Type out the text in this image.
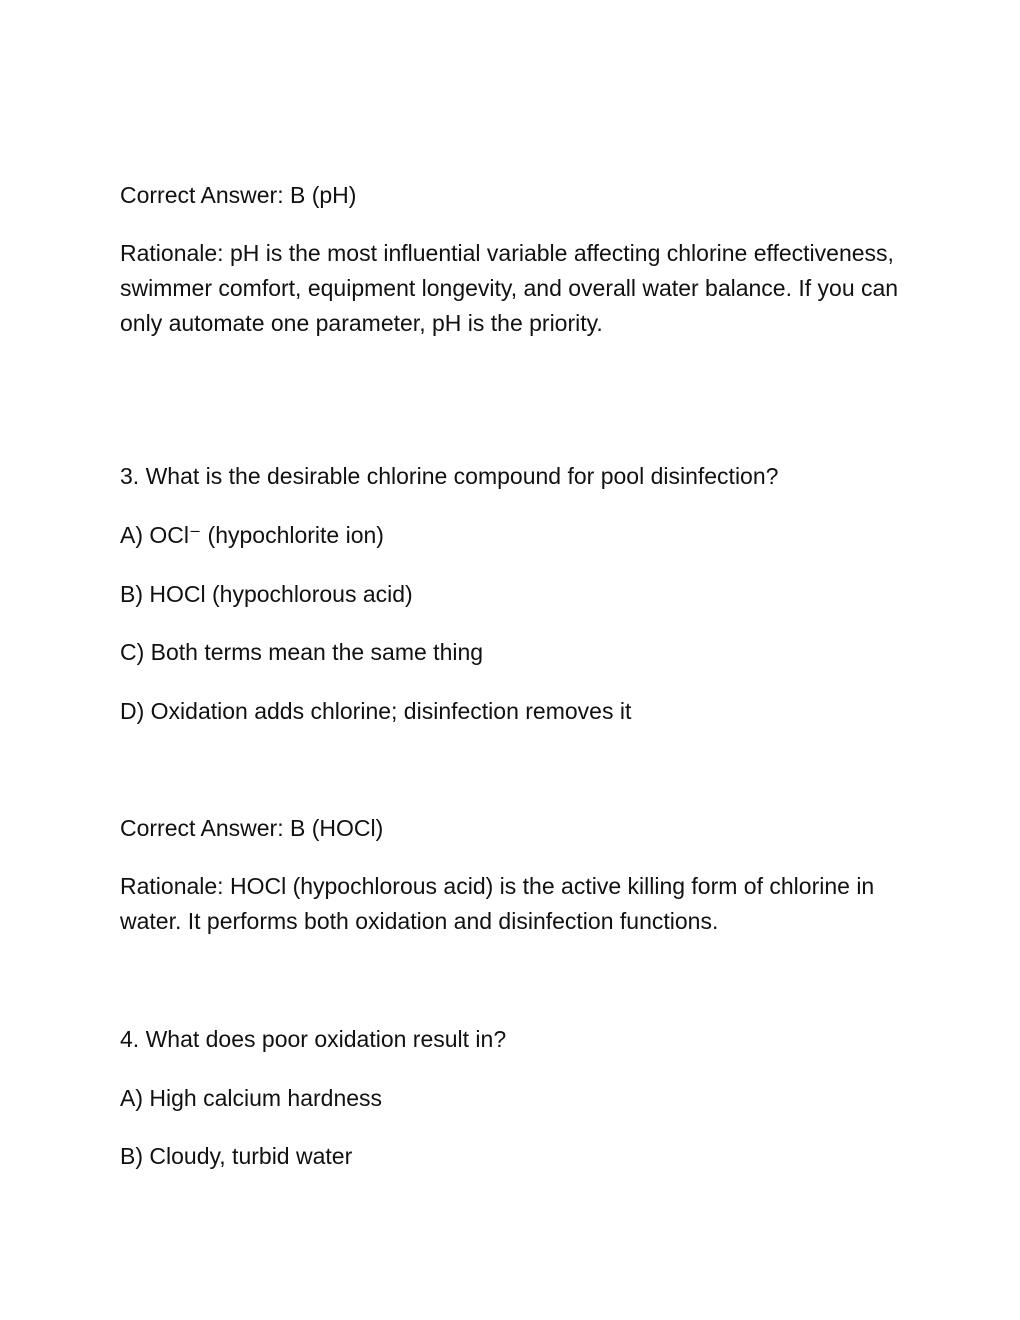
Correct Answer: B (pH)

Rationale: pH is the most influential variable affecting chlorine effectiveness, swimmer comfort, equipment longevity, and overall water balance. If you can only automate one parameter, pH is the priority.

3. What is the desirable chlorine compound for pool disinfection?

A) OCl⁻ (hypochlorite ion)

B) HOCl (hypochlorous acid)

C) Both terms mean the same thing

D) Oxidation adds chlorine; disinfection removes it

Correct Answer: B (HOCl)

Rationale: HOCl (hypochlorous acid) is the active killing form of chlorine in water. It performs both oxidation and disinfection functions.

4. What does poor oxidation result in?

A) High calcium hardness

B) Cloudy, turbid water
